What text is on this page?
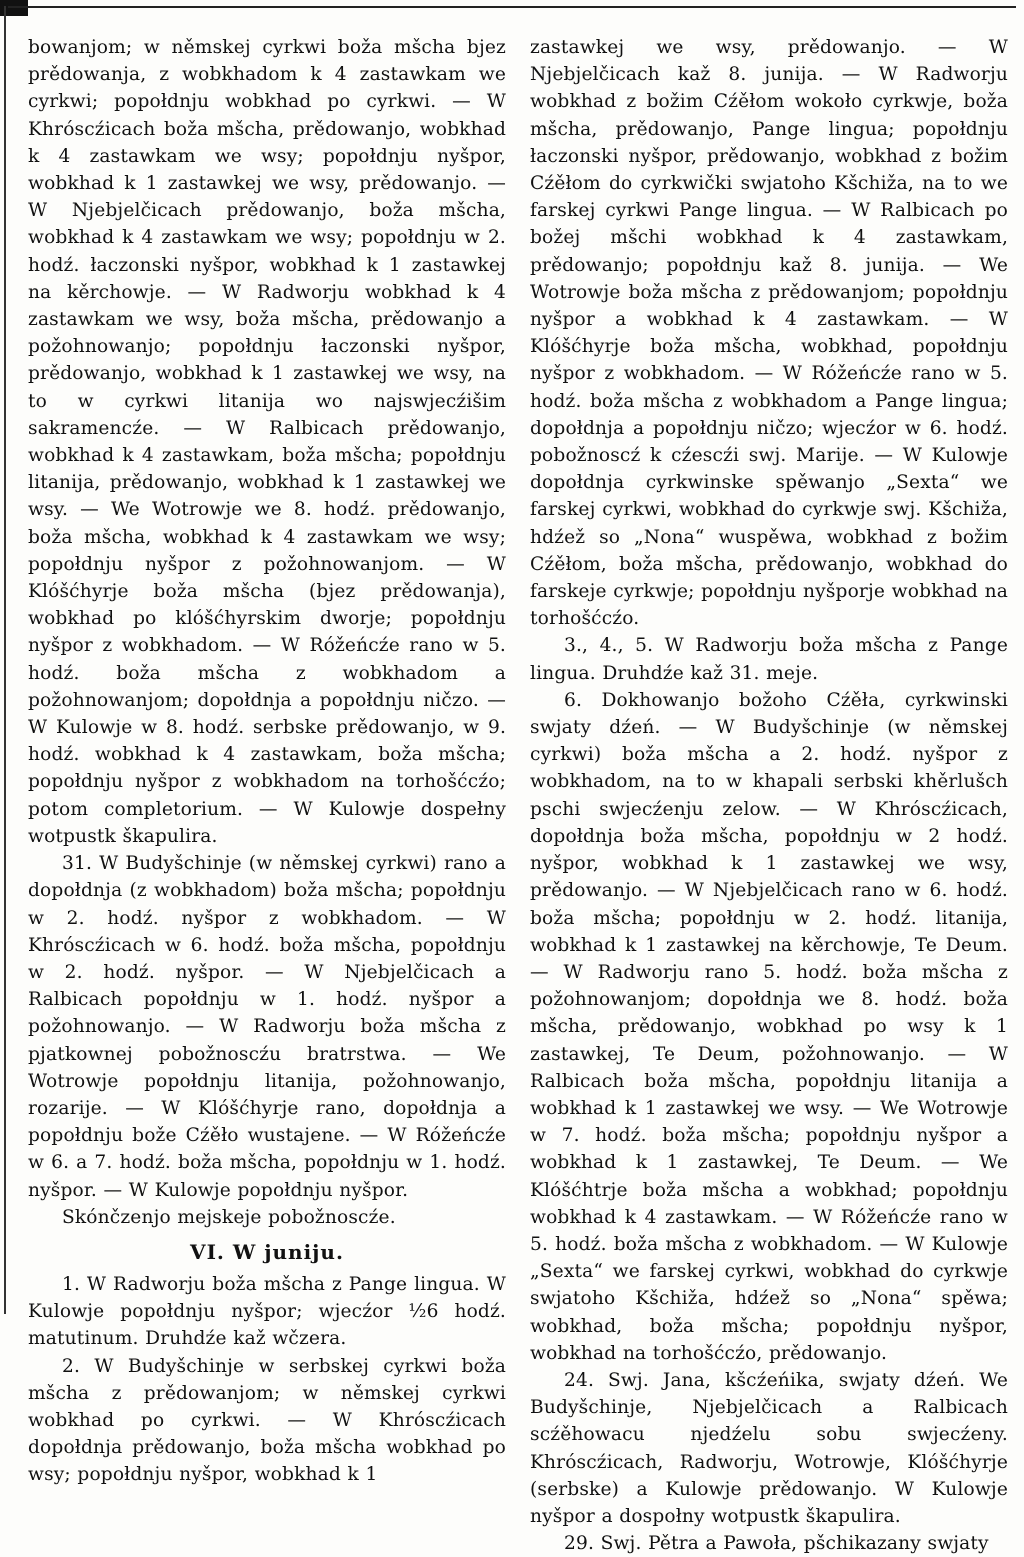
bowanjom; w němskej cyrkwi boža mšcha bjez prědowanja, z wobkhadom k 4 zastawkam we cyrkwi; popołdnju wobkhad po cyrkwi. — W Khróscźicach boža mšcha, prědowanjo, wobkhad k 4 zastawkam we wsy; popołdnju nyšpor, wobkhad k 1 zastawkej we wsy, prědowanjo. — W Njebjelčicach prědowanjo, boža mšcha, wobkhad k 4 zastawkam we wsy; popołdnju w 2. hodź. łaczonski nyšpor, wobkhad k 1 zastawkej na kěrchowje. — W Radworju wobkhad k 4 zastawkam we wsy, boža mšcha, prědowanjo a požohnowanjo; popołdnju łaczonski nyšpor, prědowanjo, wobkhad k 1 zastawkej we wsy, na to w cyrkwi litanija wo najswjecźišim sakramencźe. — W Ralbicach prědowanjo, wobkhad k 4 zastawkam, boža mšcha; popołdnju litanija, prědowanjo, wobkhad k 1 zastawkej we wsy. — We Wotrowje we 8. hodź. prědowanjo, boža mšcha, wobkhad k 4 zastawkam we wsy; popołdnju nyšpor z požohnowanjom. — W Klóšćhyrje boža mšcha (bjez prědowanja), wobkhad po klóšćhyrskim dworje; popołdnju nyšpor z wobkhadom. — W Róžeńcźe rano w 5. hodź. boža mšcha z wobkhadom a požohnowanjom; dopołdnja a popołdnju ničzo. — W Kulowje w 8. hodź. serbske prědowanjo, w 9. hodź. wobkhad k 4 zastawkam, boža mšcha; popołdnju nyšpor z wobkhadom na torhošćcźo; potom completorium. — W Kulowje dospełny wotpustk škapulira.

31. W Budyšchinje (w němskej cyrkwi) rano a dopołdnja (z wobkhadom) boža mšcha; popołdnju w 2. hodź. nyšpor z wobkhadom. — W Khróscźicach w 6. hodź. boža mšcha, popołdnju w 2. hodź. nyšpor. — W Njebjelčicach a Ralbicach popołdnju w 1. hodź. nyšpor a požohnowanjo. — W Radworju boža mšcha z pjatkownej pobožnoscźu bratrstwa. — We Wotrowje popołdnju litanija, požohnowanjo, rozarije. — W Klóšćhyrje rano, dopołdnja a popołdnju bože Cźěło wustajene. — W Róžeńcźe w 6. a 7. hodź. boža mšcha, popołdnju w 1. hodź. nyšpor. — W Kulowje popołdnju nyšpor.

Skónčzenjo mejskeje pobožnoscźe.

VI. W juniju.

1. W Radworju boža mšcha z Pange lingua. W Kulowje popołdnju nyšpor; wjecźor ½6 hodź. matutinum. Druhdźe kaž wčzera.

2. W Budyšchinje w serbskej cyrkwi boža mšcha z prědowanjom; w němskej cyrkwi wobkhad po cyrkwi. — W Khróscźicach dopołdnja prědowanjo, boža mšcha wobkhad po wsy; popołdnju nyšpor, wobkhad k 1

zastawkej we wsy, prědowanjo. — W Njebjelčicach kaž 8. junija. — W Radworju wobkhad z božim Cźěłom wokoło cyrkwje, boža mšcha, prědowanjo, Pange lingua; popołdnju łaczonski nyšpor, prědowanjo, wobkhad z božim Cźěłom do cyrkwički swjatoho Kšchiža, na to we farskej cyrkwi Pange lingua. — W Ralbicach po božej mšchi wobkhad k 4 zastawkam, prědowanjo; popołdnju kaž 8. junija. — We Wotrowje boža mšcha z prědowanjom; popołdnju nyšpor a wobkhad k 4 zastawkam. — W Klóšćhyrje boža mšcha, wobkhad, popołdnju nyšpor z wobkhadom. — W Róžeńcźe rano w 5. hodź. boža mšcha z wobkhadom a Pange lingua; dopołdnja a popołdnju ničzo; wjecźor w 6. hodź. pobožnoscź k cźescźi swj. Marije. — W Kulowje dopołdnja cyrkwinske spěwanjo „Sexta“ we farskej cyrkwi, wobkhad do cyrkwje swj. Kšchiža, hdźež so „Nona“ wuspěwa, wobkhad z božim Cźěłom, boža mšcha, prědowanjo, wobkhad do farskeje cyrkwje; popołdnju nyšporje wobkhad na torhošćcźo.

3., 4., 5. W Radworju boža mšcha z Pange lingua. Druhdźe kaž 31. meje.

6. Dokhowanjo božoho Cźěła, cyrkwinski swjaty dźeń. — W Budyšchinje (w němskej cyrkwi) boža mšcha a 2. hodź. nyšpor z wobkhadom, na to w khapali serbski khěrlušch pschi swjecźenju zelow. — W Khróscźicach, dopołdnja boža mšcha, popołdnju w 2 hodź. nyšpor, wobkhad k 1 zastawkej we wsy, prědowanjo. — W Njebjelčicach rano w 6. hodź. boža mšcha; popołdnju w 2. hodź. litanija, wobkhad k 1 zastawkej na kěrchowje, Te Deum. — W Radworju rano 5. hodź. boža mšcha z požohnowanjom; dopołdnja we 8. hodź. boža mšcha, prědowanjo, wobkhad po wsy k 1 zastawkej, Te Deum, požohnowanjo. — W Ralbicach boža mšcha, popołdnju litanija a wobkhad k 1 zastawkej we wsy. — We Wotrowje w 7. hodź. boža mšcha; popołdnju nyšpor a wobkhad k 1 zastawkej, Te Deum. — We Klóšćhtrje boža mšcha a wobkhad; popołdnju wobkhad k 4 zastawkam. — W Róžeńcźe rano w 5. hodź. boža mšcha z wobkhadom. — W Kulowje „Sexta“ we farskej cyrkwi, wobkhad do cyrkwje swjatoho Kšchiža, hdźež so „Nona“ spěwa; wobkhad, boža mšcha; popołdnju nyšpor, wobkhad na torhošćcźo, prědowanjo.

24. Swj. Jana, kšcźeńika, swjaty dźeń. We Budyšchinje, Njebjelčicach a Ralbicach scźěhowacu njedźelu sobu swjecźeny. Khróscźicach, Radworju, Wotrowje, Klóšćhyrje (serbske) a Kulowje prědowanjo. W Kulowje nyšpor a dospołny wotpustk škapulira.

29. Swj. Pětra a Pawoła, pšchikazany swjaty
